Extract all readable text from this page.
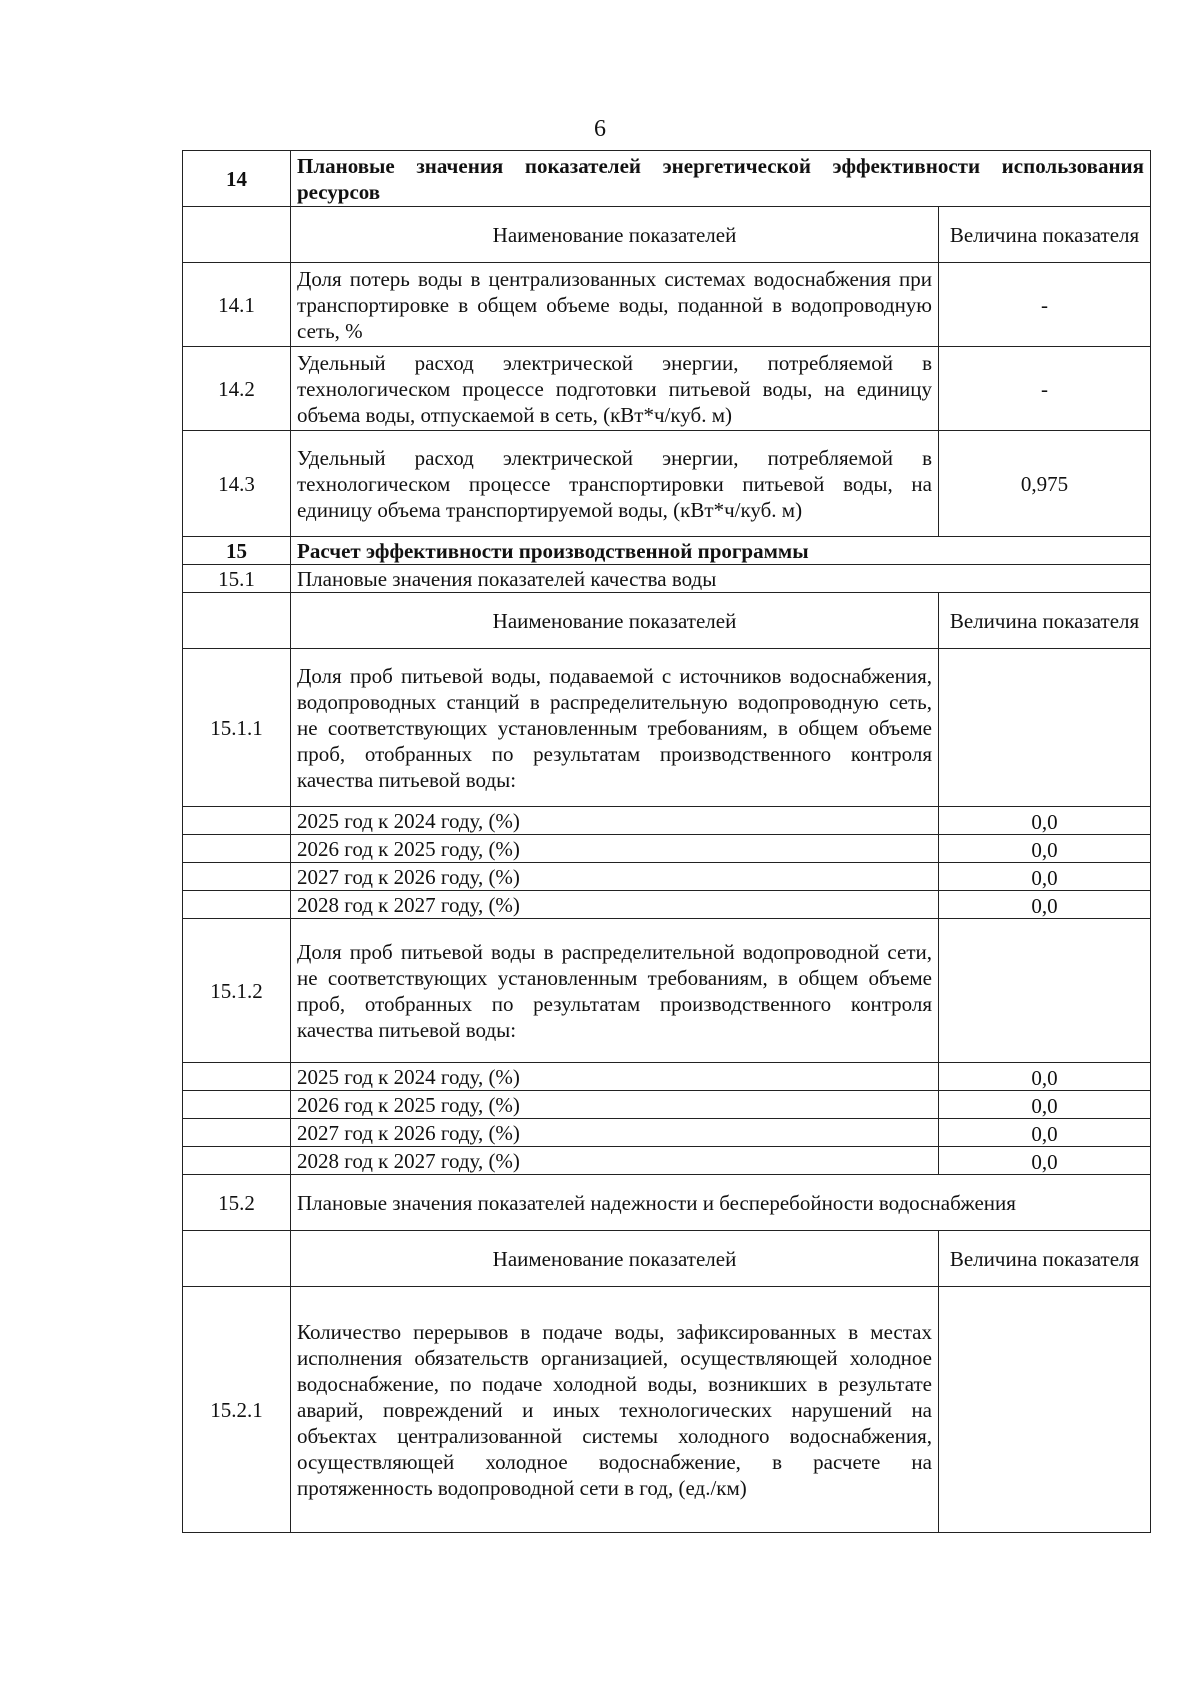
6
14	Плановые значения показателей энергетической эффективности использования ресурсов	
	Наименование показателей	Величина показателя
14.1	Доля потерь воды в централизованных системах водоснабжения при транспортировке в общем объеме воды, поданной в водопроводную сеть, %	-
14.2	Удельный расход электрической энергии, потребляемой в технологическом процессе подготовки питьевой воды, на единицу объема воды, отпускаемой в сеть, (кВт*ч/куб. м)	-
14.3	Удельный расход электрической энергии, потребляемой в технологическом процессе транспортировки питьевой воды, на единицу объема транспортируемой воды, (кВт*ч/куб. м)	0,975
15	Расчет эффективности производственной программы	
15.1	Плановые значения показателей качества воды	
	Наименование показателей	Величина показателя
15.1.1	Доля проб питьевой воды, подаваемой с источников водоснабжения, водопроводных станций в распределительную водопроводную сеть, не соответствующих установленным требованиям, в общем объеме проб, отобранных по результатам производственного контроля качества питьевой воды:	
	2025 год к 2024 году, (%)	0,0
	2026 год к 2025 году, (%)	0,0
	2027 год к 2026 году, (%)	0,0
	2028 год к 2027 году, (%)	0,0
15.1.2	Доля проб питьевой воды в распределительной водопроводной сети, не соответствующих установленным требованиям, в общем объеме проб, отобранных по результатам производственного контроля качества питьевой воды:	
	2025 год к 2024 году, (%)	0,0
	2026 год к 2025 году, (%)	0,0
	2027 год к 2026 году, (%)	0,0
	2028 год к 2027 году, (%)	0,0
15.2	Плановые значения показателей надежности и бесперебойности водоснабжения	
	Наименование показателей	Величина показателя
15.2.1	Количество перерывов в подаче воды, зафиксированных в местах исполнения обязательств организацией, осуществляющей холодное водоснабжение, по подаче холодной воды, возникших в результате аварий, повреждений и иных технологических нарушений на объектах централизованной системы холодного водоснабжения, осуществляющей холодное водоснабжение, в расчете на протяженность водопроводной сети в год, (ед./км)	
